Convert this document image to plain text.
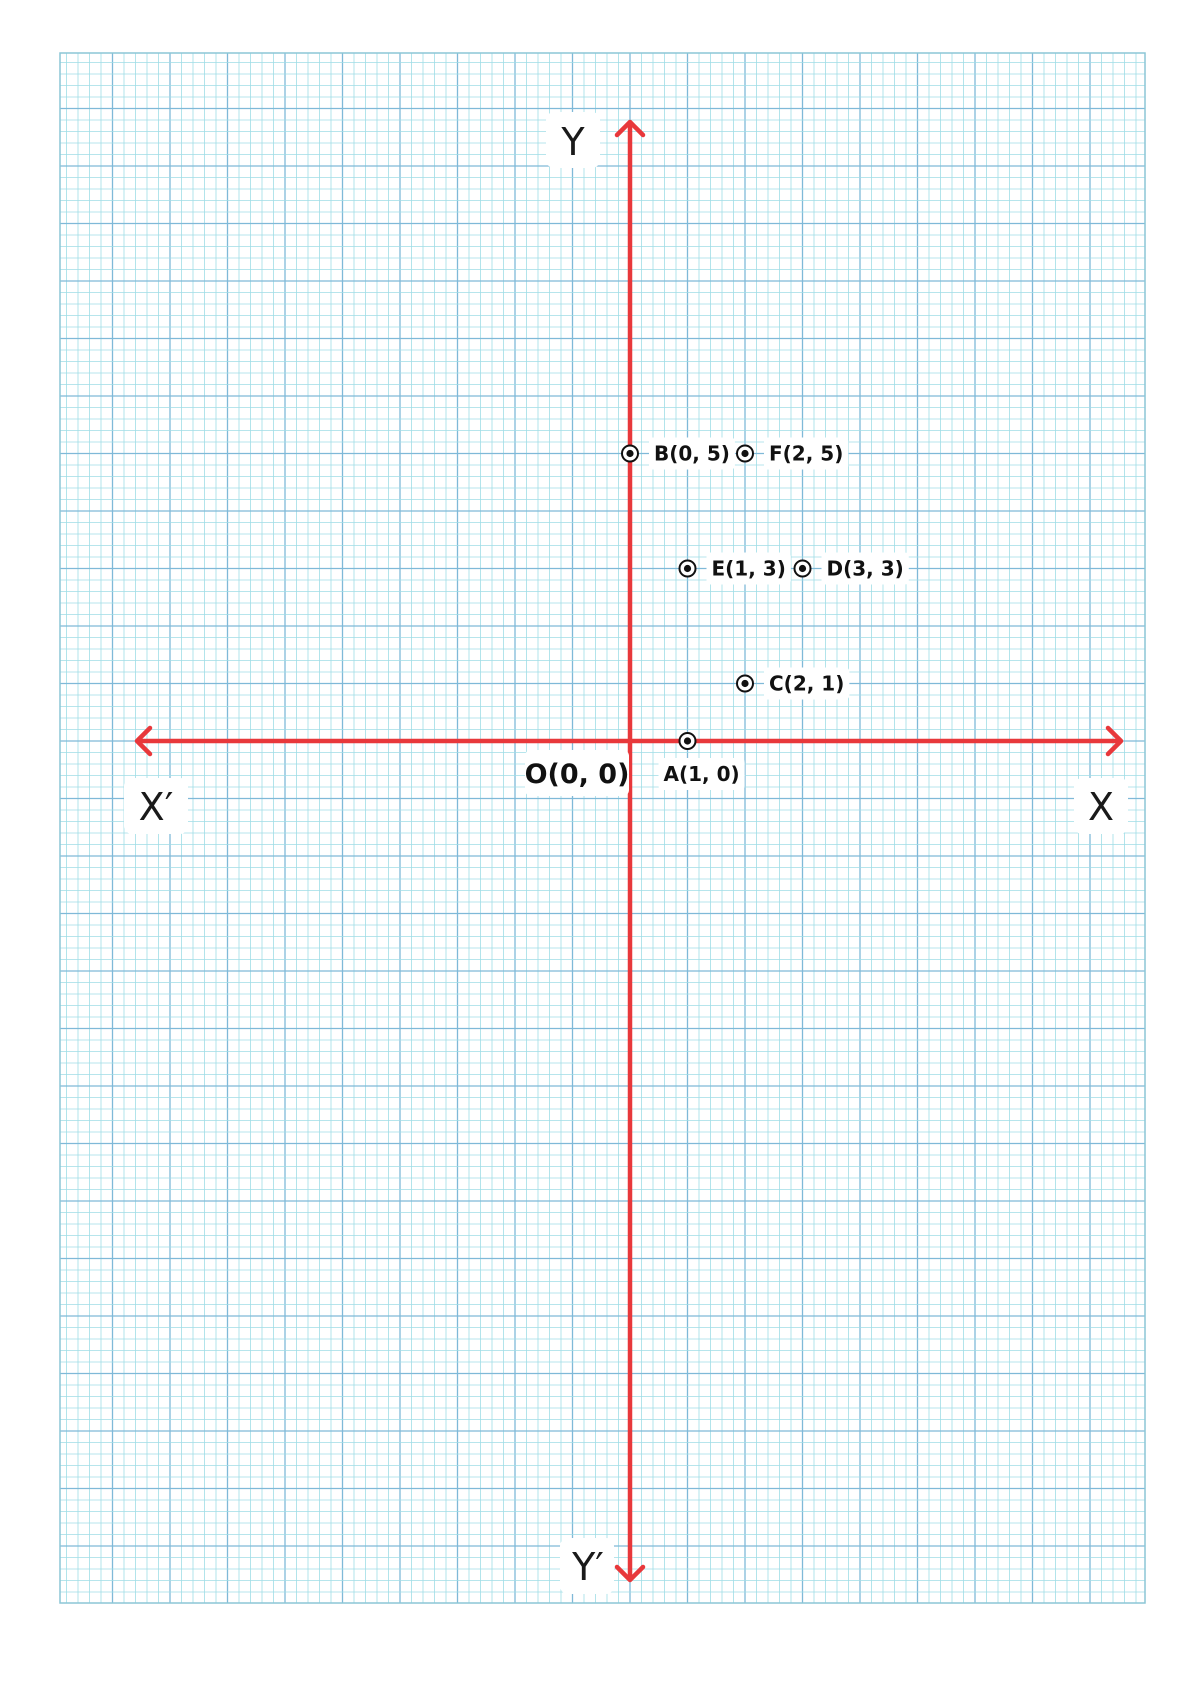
Y
Y′
X′	X
O(0, 0) A(1, 0)
B(0, 5)
C(2, 1)
D(3, 3)
E(1, 3)
F(2, 5)
